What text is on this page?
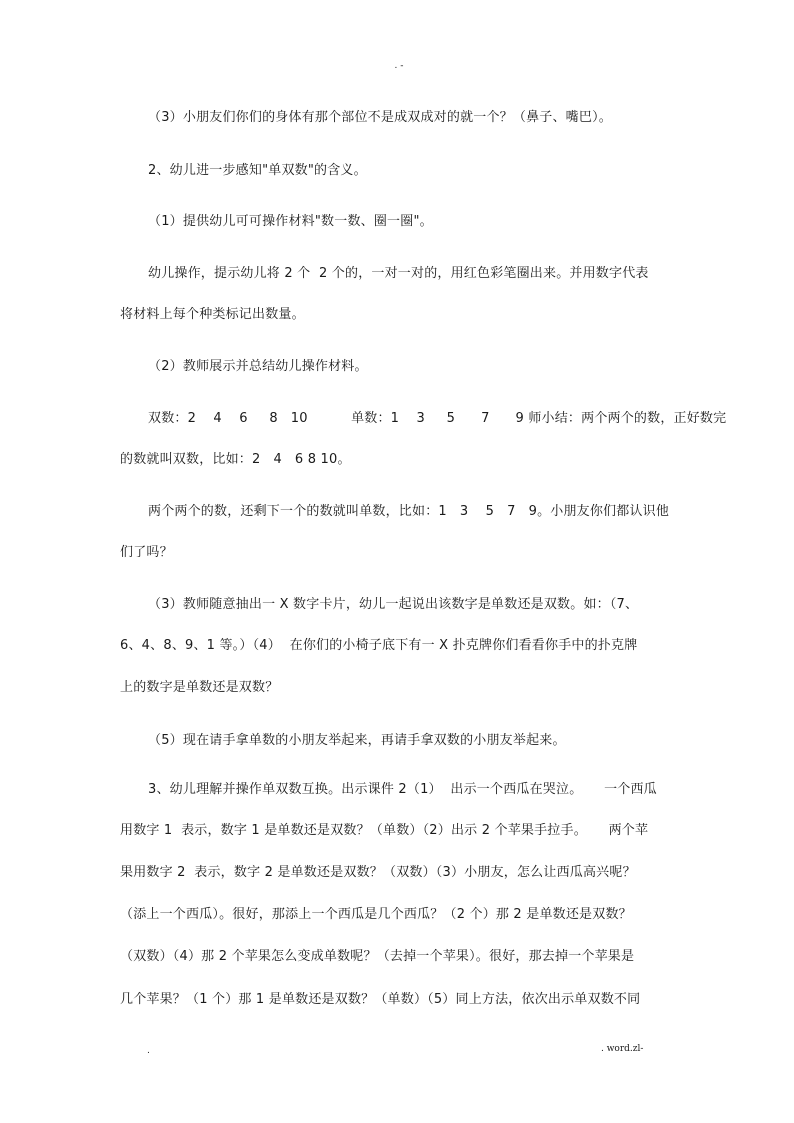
. -
（3）小朋友们你们的身体有那个部位不是成双成对的就一个？（鼻子、嘴巴）。
2、幼儿进一步感知"单双数"的含义。
（1）提供幼儿可可操作材料"数一数、圈一圈"。
幼儿操作，提示幼儿将 2 个  2 个的，一对一对的，用红色彩笔圈出来。并用数字代表
将材料上每个种类标记出数量。
（2）教师展示并总结幼儿操作材料。
双数：2    4    6     8   10          单数：1    3     5      7      9 师小结：两个两个的数，正好数完
的数就叫双数，比如：2   4   6 8 10。
两个两个的数，还剩下一个的数就叫单数，比如：1   3    5   7   9。小朋友你们都认识他
们了吗？
（3）教师随意抽出一 X 数字卡片，幼儿一起说出该数字是单数还是双数。如：（7、
6、4、8、9、1 等。）（4）  在你们的小椅子底下有一 X 扑克牌你们看看你手中的扑克牌
上的数字是单数还是双数？
（5）现在请手拿单数的小朋友举起来，再请手拿双数的小朋友举起来。
3、幼儿理解并操作单双数互换。出示课件 2（1）  出示一个西瓜在哭泣。     一个西瓜
用数字 1  表示，数字 1 是单数还是双数？（单数）（2）出示 2 个苹果手拉手。     两个苹
果用数字 2  表示，数字 2 是单数还是双数？（双数）（3）小朋友，怎么让西瓜高兴呢？
（添上一个西瓜）。很好，那添上一个西瓜是几个西瓜？（2 个）那 2 是单数还是双数？
（双数）（4）那 2 个苹果怎么变成单数呢？（去掉一个苹果）。很好，那去掉一个苹果是
几个苹果？（1 个）那 1 是单数还是双数？（单数）（5）同上方法，依次出示单双数不同
.	. word.zl-
